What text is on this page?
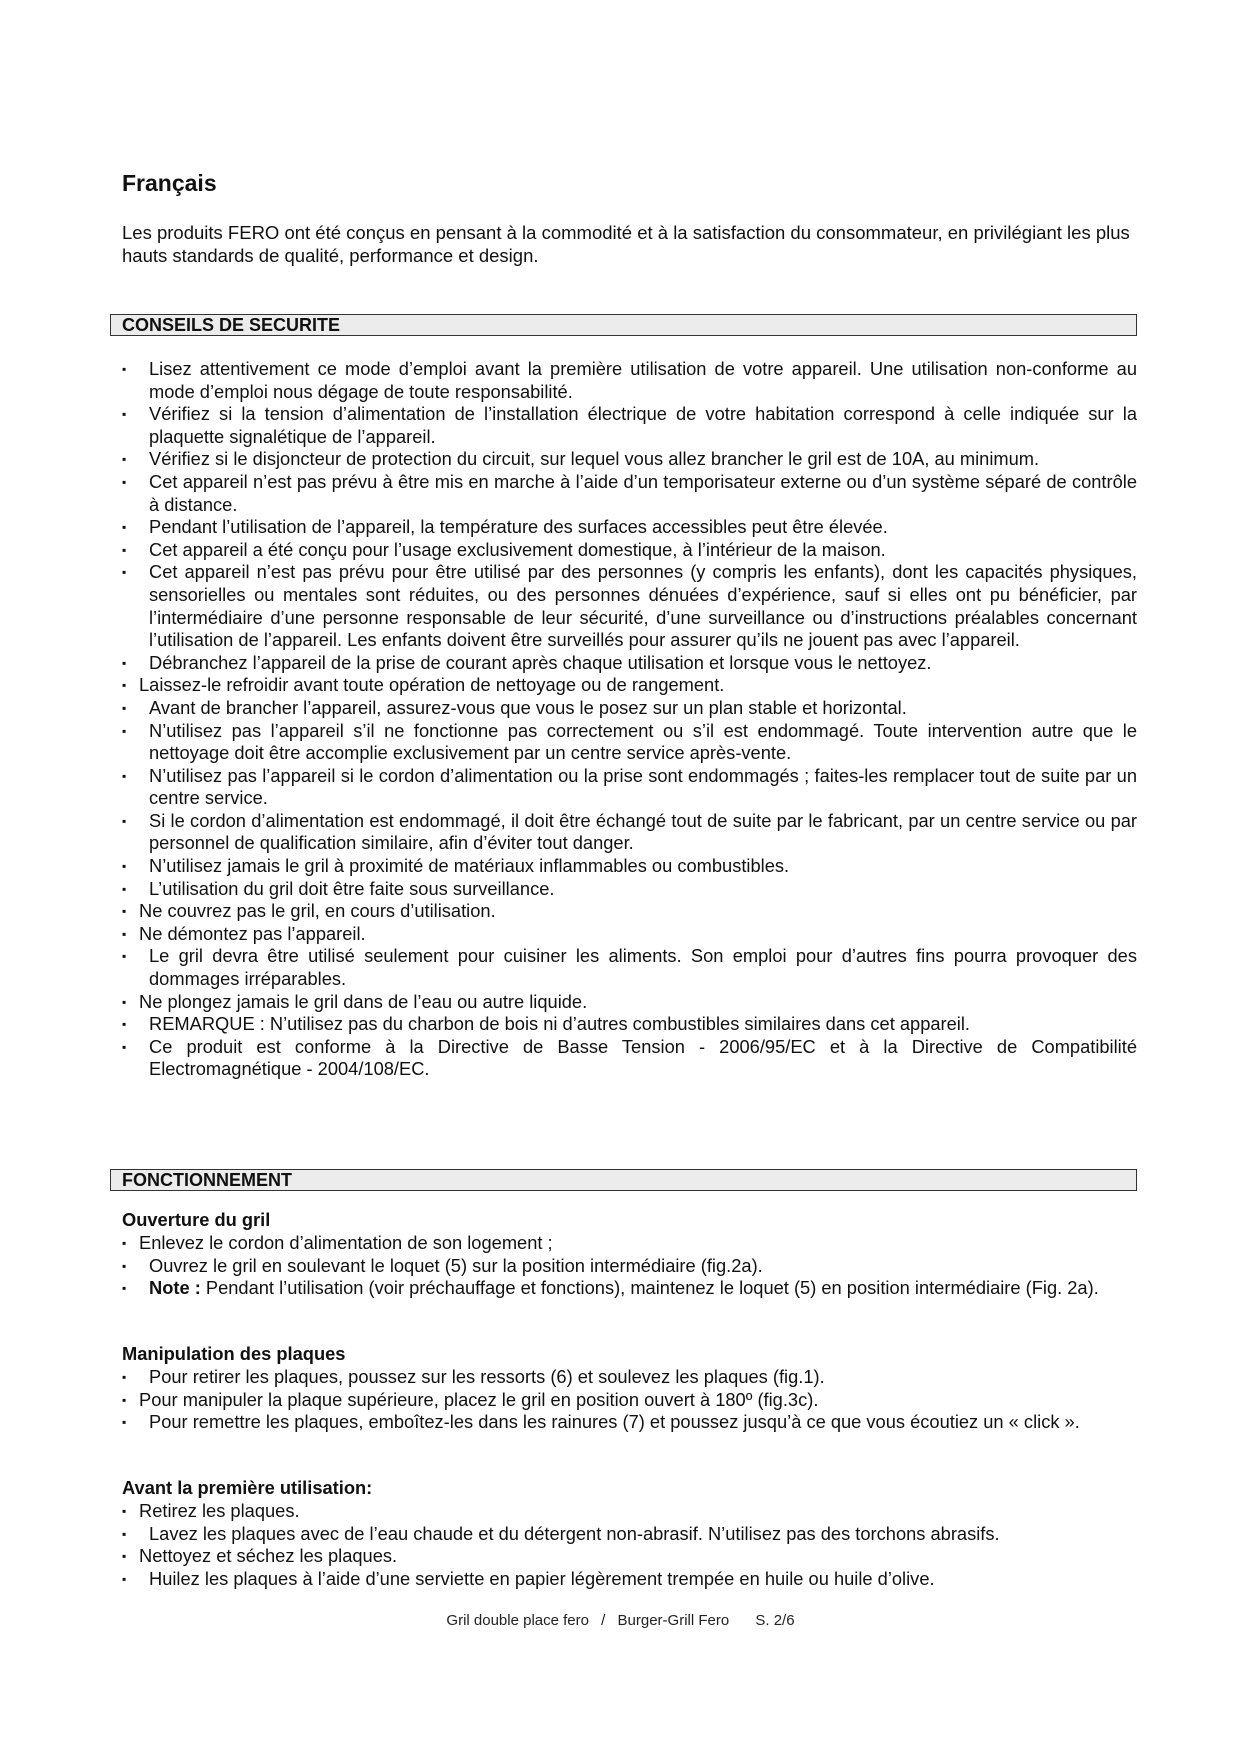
Français
Les produits FERO ont été conçus en pensant à la commodité et à la satisfaction du consommateur, en privilégiant les plus hauts standards de qualité, performance et design.
CONSEILS DE SECURITE
▪ Lisez attentivement ce mode d’emploi avant la première utilisation de votre appareil. Une utilisation non-conforme au mode d’emploi nous dégage de toute responsabilité.
▪ Vérifiez si la tension d’alimentation de l’installation électrique de votre habitation correspond à celle indiquée sur la plaquette signalétique de l’appareil.
▪ Vérifiez si le disjoncteur de protection du circuit, sur lequel vous allez brancher le gril est de 10A, au minimum.
▪ Cet appareil n’est pas prévu à être mis en marche à l’aide d’un temporisateur externe ou d’un système séparé de contrôle à distance.
▪ Pendant l’utilisation de l’appareil, la température des surfaces accessibles peut être élevée.
▪ Cet appareil a été conçu pour l’usage exclusivement domestique, à l’intérieur de la maison.
▪ Cet appareil n’est pas prévu pour être utilisé par des personnes (y compris les enfants), dont les capacités physiques, sensorielles ou mentales sont réduites, ou des personnes dénuées d’expérience, sauf si elles ont pu bénéficier, par l’intermédiaire d’une personne responsable de leur sécurité, d’une surveillance ou d’instructions préalables concernant l’utilisation de l’appareil. Les enfants doivent être surveillés pour assurer qu’ils ne jouent pas avec l’appareil.
▪ Débranchez l’appareil de la prise de courant après chaque utilisation et lorsque vous le nettoyez.
▪ Laissez-le refroidir avant toute opération de nettoyage ou de rangement.
▪ Avant de brancher l’appareil, assurez-vous que vous le posez sur un plan stable et horizontal.
▪ N’utilisez pas l’appareil s’il ne fonctionne pas correctement ou s’il est endommagé. Toute intervention autre que le nettoyage doit être accomplie exclusivement par un centre service après-vente.
▪ N’utilisez pas l’appareil si le cordon d’alimentation ou la prise sont endommagés ; faites-les remplacer tout de suite par un centre service.
▪ Si le cordon d’alimentation est endommagé, il doit être échangé tout de suite par le fabricant, par un centre service ou par personnel de qualification similaire, afin d’éviter tout danger.
▪ N’utilisez jamais le gril à proximité de matériaux inflammables ou combustibles.
▪ L’utilisation du gril doit être faite sous surveillance.
▪ Ne couvrez pas le gril, en cours d’utilisation.
▪ Ne démontez pas l’appareil.
▪ Le gril devra être utilisé seulement pour cuisiner les aliments. Son emploi pour d’autres fins pourra provoquer des dommages irréparables.
▪ Ne plongez jamais le gril dans de l’eau ou autre liquide.
▪ REMARQUE : N’utilisez pas du charbon de bois ni d’autres combustibles similaires dans cet appareil.
▪ Ce produit est conforme à la Directive de Basse Tension - 2006/95/EC et à la Directive de Compatibilité Electromagnétique - 2004/108/EC.
FONCTIONNEMENT
Ouverture du gril
▪ Enlevez le cordon d’alimentation de son logement ;
▪ Ouvrez le gril en soulevant le loquet (5) sur la position intermédiaire (fig.2a).
▪ Note : Pendant l’utilisation (voir préchauffage et fonctions), maintenez le loquet (5) en position intermédiaire (Fig. 2a).
Manipulation des plaques
▪ Pour retirer les plaques, poussez sur les ressorts (6) et soulevez les plaques (fig.1).
▪ Pour manipuler la plaque supérieure, placez le gril en position ouvert à 180º (fig.3c).
▪ Pour remettre les plaques, emboîtez-les dans les rainures (7) et poussez jusqu’à ce que vous écoutiez un « click ».
Avant la première utilisation:
▪ Retirez les plaques.
▪ Lavez les plaques avec de l’eau chaude et du détergent non-abrasif. N’utilisez pas des torchons abrasifs.
▪ Nettoyez et séchez les plaques.
▪ Huilez les plaques à l’aide d’une serviette en papier légèrement trempée en huile ou huile d’olive.
Gril double place fero / Burger-Grill Fero S. 2/6
